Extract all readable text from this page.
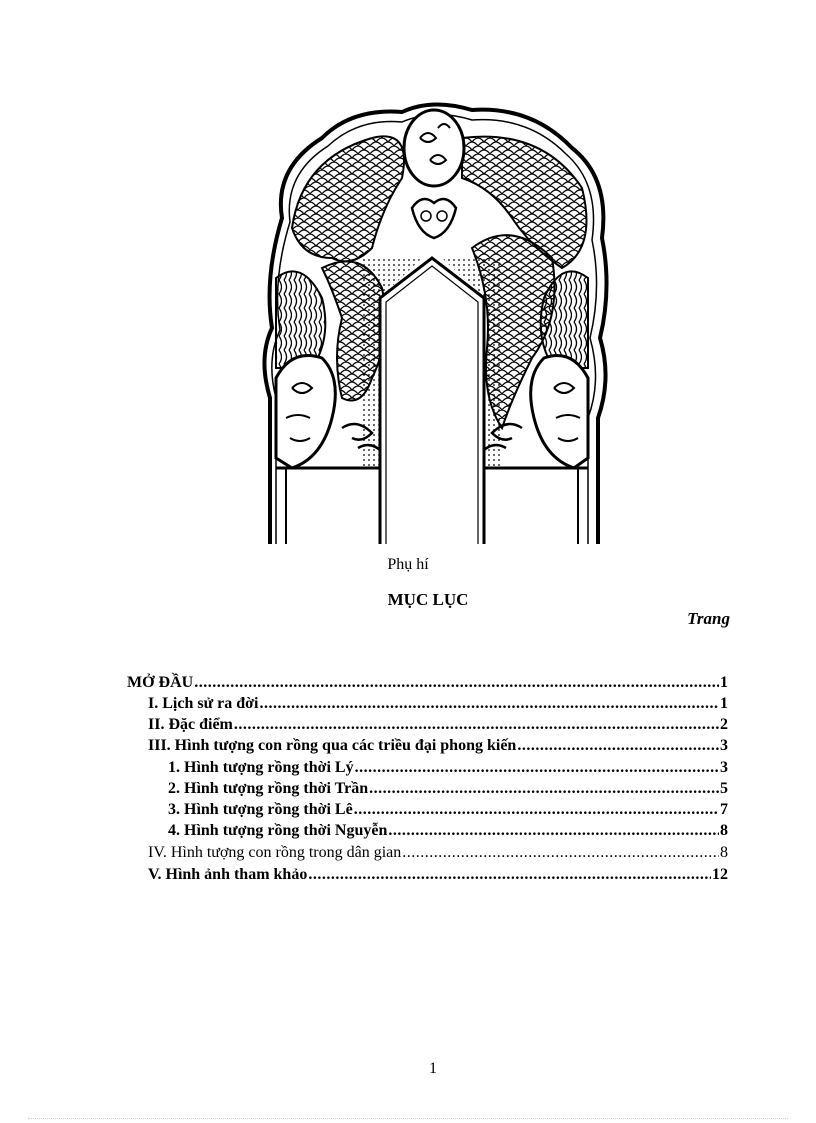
Phụ hí
MỤC LỤC
Trang
MỞ ĐẦU .....	1
I. Lịch sử ra đời .....	1
II. Đặc điểm .....	2
III. Hình tượng con rồng qua các triều đại phong kiến .....	3
1. Hình tượng rồng thời Lý .....	3
2. Hình tượng rồng thời Trần .....	5
3. Hình tượng rồng thời Lê .....	7
4. Hình tượng rồng thời Nguyễn .....	8
IV. Hình tượng con rồng trong dân gian .....	8
V. Hình ảnh tham khảo .....	12
1
